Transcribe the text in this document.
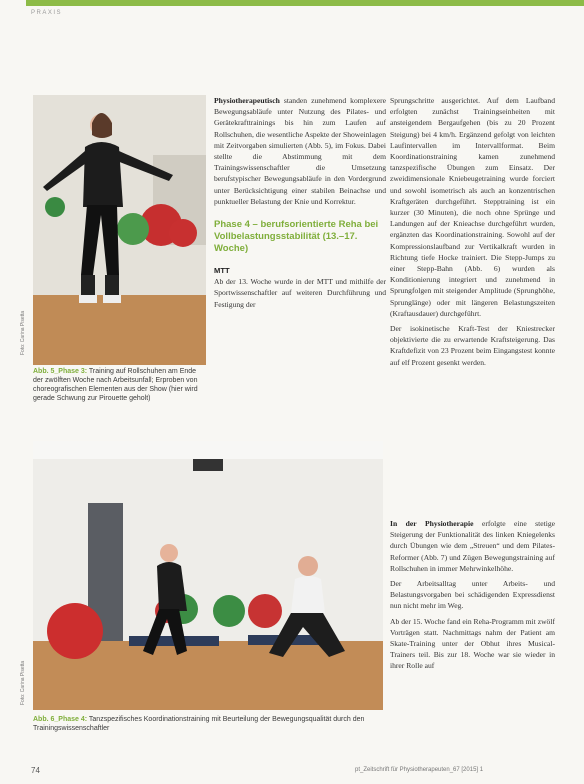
PRAXIS
Foto: Carina Pisetta
Abb. 5_Phase 3: Training auf Rollschuhen am Ende der zwölften Woche nach Arbeitsunfall; Erproben von choreografischen Elementen aus der Show (hier wird gerade Schwung zur Pirouette geholt)
Foto: Carina Pisetta
Abb. 6_Phase 4: Tanzspezifisches Koordinationstraining mit Beurteilung der Bewegungsqualität durch den Trainingswissenschaftler

Physiotherapeutisch standen zunehmend komplexere Bewegungsabläufe unter Nutzung des Pilates- und Gerätekrafttrainings bis hin zum Laufen auf Rollschuhen, die wesentliche Aspekte der Showeinlagen mit Zeitvorgaben simulierten (Abb. 5), im Fokus. Dabei stellte die Abstimmung mit dem Trainingswissenschaftler die Umsetzung berufstypischer Bewegungsabläufe in den Vordergrund unter Berücksichtigung einer stabilen Beinachse und punktueller Belastung der Knie und Korrektur.

Phase 4 – berufsorientierte Reha bei Vollbelastungsstabilität (13.–17. Woche)
MTT

Ab der 13. Woche wurde in der MTT und mithilfe der Sportwissenschaftler auf weiteren Durchführung und Festigung der

Sprungschritte ausgerichtet. Auf dem Laufband erfolgten zunächst Trainingseinheiten mit ansteigendem Bergaufgehen (bis zu 20 Prozent Steigung) bei 4 km/h. Ergänzend gefolgt von leichten Laufintervallen im Intervallformat. Beim Koordinationstraining kamen zunehmend tanzspezifische Übungen zum Einsatz. Der zweidimensionale Kniebeugetraining wurde forciert und sowohl isometrisch als auch an konzentrischen Kraftgeräten durchgeführt. Stepptraining ist ein kurzer (30 Minuten), die noch ohne Sprünge und Landungen auf der Knieachse durchgeführt wurden, ergänzten das Koordinationstraining. Sowohl auf der Kompressionslaufband zur Vertikalkraft wurden in Richtung tiefe Hocke trainiert. Die Stepp-Jumps zu einer Stepp-Bahn (Abb. 6) wurden als Konditionierung integriert und zunehmend in Sprungfolgen mit steigender Amplitude (Sprunghöhe, Sprunglänge) oder mit längeren Belastungszeiten (Kraftausdauer) durchgeführt.

Der isokinetische Kraft-Test der Kniestrecker objektivierte die zu erwartende Kraftsteigerung. Das Kraftdefizit von 23 Prozent beim Eingangstest konnte auf elf Prozent gesenkt werden.

In der Physiotherapie erfolgte eine stetige Steigerung der Funktionalität des linken Kniegelenks durch Übungen wie dem „Streuen“ und dem Pilates-Reformer (Abb. 7) und Zügen Bewegungstraining auf Rollschuhen in immer Mehrwinkelhöhe.

Der Arbeitsalltag unter Arbeits- und Belastungsvorgaben bei schädigenden Expressdienst nun nicht mehr im Weg.

Ab der 15. Woche fand ein Reha-Programm mit zwölf Vorträgen statt. Nachmittags nahm der Patient am Skate-Training unter der Obhut ihres Musical-Trainers teil. Bis zur 18. Woche war sie wieder in ihrer Rolle auf

74	pt_Zeitschrift für Physiotherapeuten_67 [2015] 1
